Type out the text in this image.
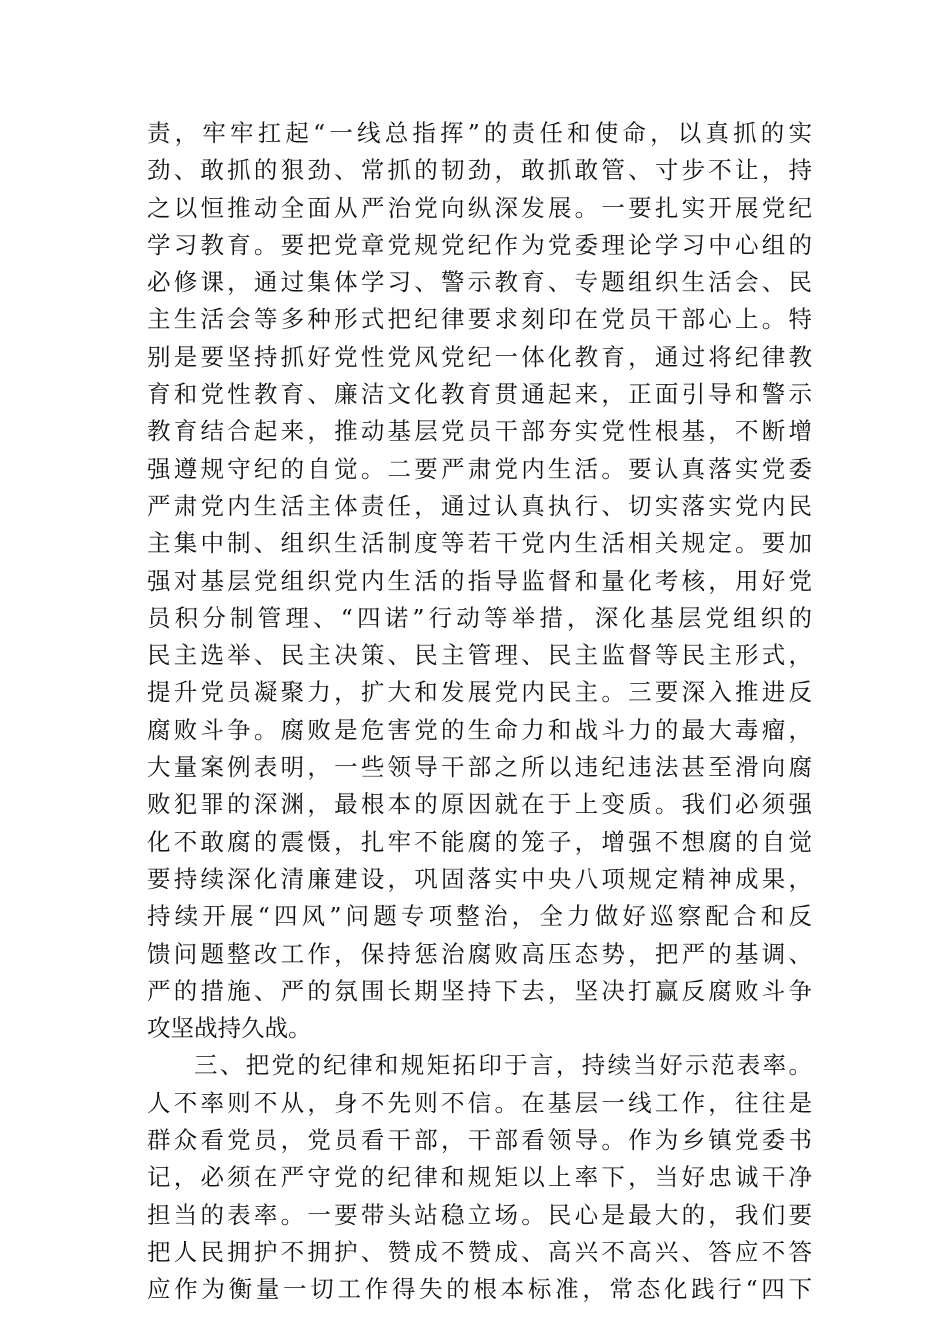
责，牢牢扛起“一线总指挥”的责任和使命，以真抓的实
劲、敢抓的狠劲、常抓的韧劲，敢抓敢管、寸步不让，持
之以恒推动全面从严治党向纵深发展。一要扎实开展党纪
学习教育。要把党章党规党纪作为党委理论学习中心组的
必修课，通过集体学习、警示教育、专题组织生活会、民
主生活会等多种形式把纪律要求刻印在党员干部心上。特
别是要坚持抓好党性党风党纪一体化教育，通过将纪律教
育和党性教育、廉洁文化教育贯通起来，正面引导和警示
教育结合起来，推动基层党员干部夯实党性根基，不断增
强遵规守纪的自觉。二要严肃党内生活。要认真落实党委
严肃党内生活主体责任，通过认真执行、切实落实党内民
主集中制、组织生活制度等若干党内生活相关规定。要加
强对基层党组织党内生活的指导监督和量化考核，用好党
员积分制管理、“四诺”行动等举措，深化基层党组织的
民主选举、民主决策、民主管理、民主监督等民主形式，
提升党员凝聚力，扩大和发展党内民主。三要深入推进反
腐败斗争。腐败是危害党的生命力和战斗力的最大毒瘤，
大量案例表明，一些领导干部之所以违纪违法甚至滑向腐
败犯罪的深渊，最根本的原因就在于上变质。我们必须强
化不敢腐的震慑，扎牢不能腐的笼子，增强不想腐的自觉
要持续深化清廉建设，巩固落实中央八项规定精神成果，
持续开展“四风”问题专项整治，全力做好巡察配合和反
馈问题整改工作，保持惩治腐败高压态势，把严的基调、
严的措施、严的氛围长期坚持下去，坚决打赢反腐败斗争
攻坚战持久战。
三、把党的纪律和规矩拓印于言，持续当好示范表率。
人不率则不从，身不先则不信。在基层一线工作，往往是
群众看党员，党员看干部，干部看领导。作为乡镇党委书
记，必须在严守党的纪律和规矩以上率下，当好忠诚干净
担当的表率。一要带头站稳立场。民心是最大的，我们要
把人民拥护不拥护、赞成不赞成、高兴不高兴、答应不答
应作为衡量一切工作得失的根本标准，常态化践行“四下
